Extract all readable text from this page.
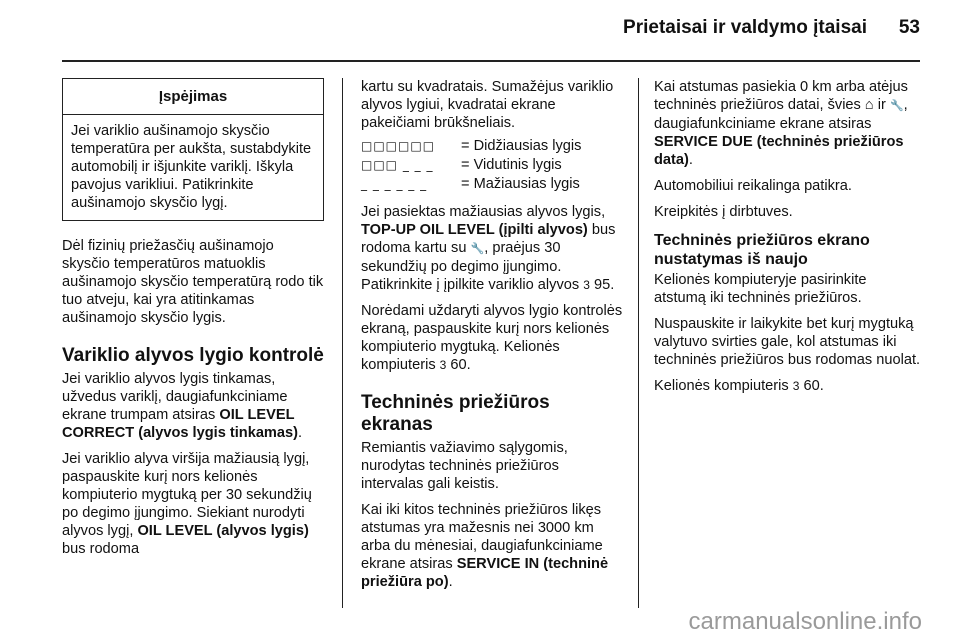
Prietaisai ir valdymo įtaisai 53
Įspėjimas
Jei variklio aušinamojo skysčio temperatūra per aukšta, sustabdykite automobilį ir išjunkite variklį. Iškyla pavojus varikliui. Patikrinkite aušinamojo skysčio lygį.

Dėl fizinių priežasčių aušinamojo skysčio temperatūros matuoklis aušinamojo skysčio temperatūrą rodo tik tuo atveju, kai yra atitinkamas aušinamojo skysčio lygis.

Variklio alyvos lygio kontrolė

Jei variklio alyvos lygis tinkamas, užvedus variklį, daugiafunkciniame ekrane trumpam atsiras OIL LEVEL CORRECT (alyvos lygis tinkamas).

Jei variklio alyva viršija mažiausią lygį, paspauskite kurį nors kelionės kompiuterio mygtuką per 30 sekundžių po degimo įjungimo. Siekiant nurodyti alyvos lygį, OIL LEVEL (alyvos lygis) bus rodoma

kartu su kvadratais. Sumažėjus variklio alyvos lygiui, kvadratai ekrane pakeičiami brūkšneliais.

□□□□□□	= Didžiausias lygis
□□□ _ _ _	= Vidutinis lygis
_ _ _ _ _ _	= Mažiausias lygis

Jei pasiektas mažiausias alyvos lygis, TOP-UP OIL LEVEL (įpilti alyvos) bus rodoma kartu su 🔧, praėjus 30 sekundžių po degimo įjungimo. Patikrinkite į įpilkite variklio alyvos 3 95.

Norėdami uždaryti alyvos lygio kontrolės ekraną, paspauskite kurį nors kelionės kompiuterio mygtuką. Kelionės kompiuteris 3 60.

Techninės priežiūros ekranas

Remiantis važiavimo sąlygomis, nurodytas techninės priežiūros intervalas gali keistis.

Kai iki kitos techninės priežiūros likęs atstumas yra mažesnis nei 3000 km arba du mėnesiai, daugiafunkciniame ekrane atsiras SERVICE IN (techninė priežiūra po).

Kai atstumas pasiekia 0 km arba atėjus techninės priežiūros datai, švies ⌂ ir 🔧, daugiafunkciniame ekrane atsiras SERVICE DUE (techninės priežiūros data).

Automobiliui reikalinga patikra.

Kreipkitės į dirbtuves.

Techninės priežiūros ekrano nustatymas iš naujo

Kelionės kompiuteryje pasirinkite atstumą iki techninės priežiūros.

Nuspauskite ir laikykite bet kurį mygtuką valytuvo svirties gale, kol atstumas iki techninės priežiūros bus rodomas nuolat.

Kelionės kompiuteris 3 60.

carmanualsonline.info
